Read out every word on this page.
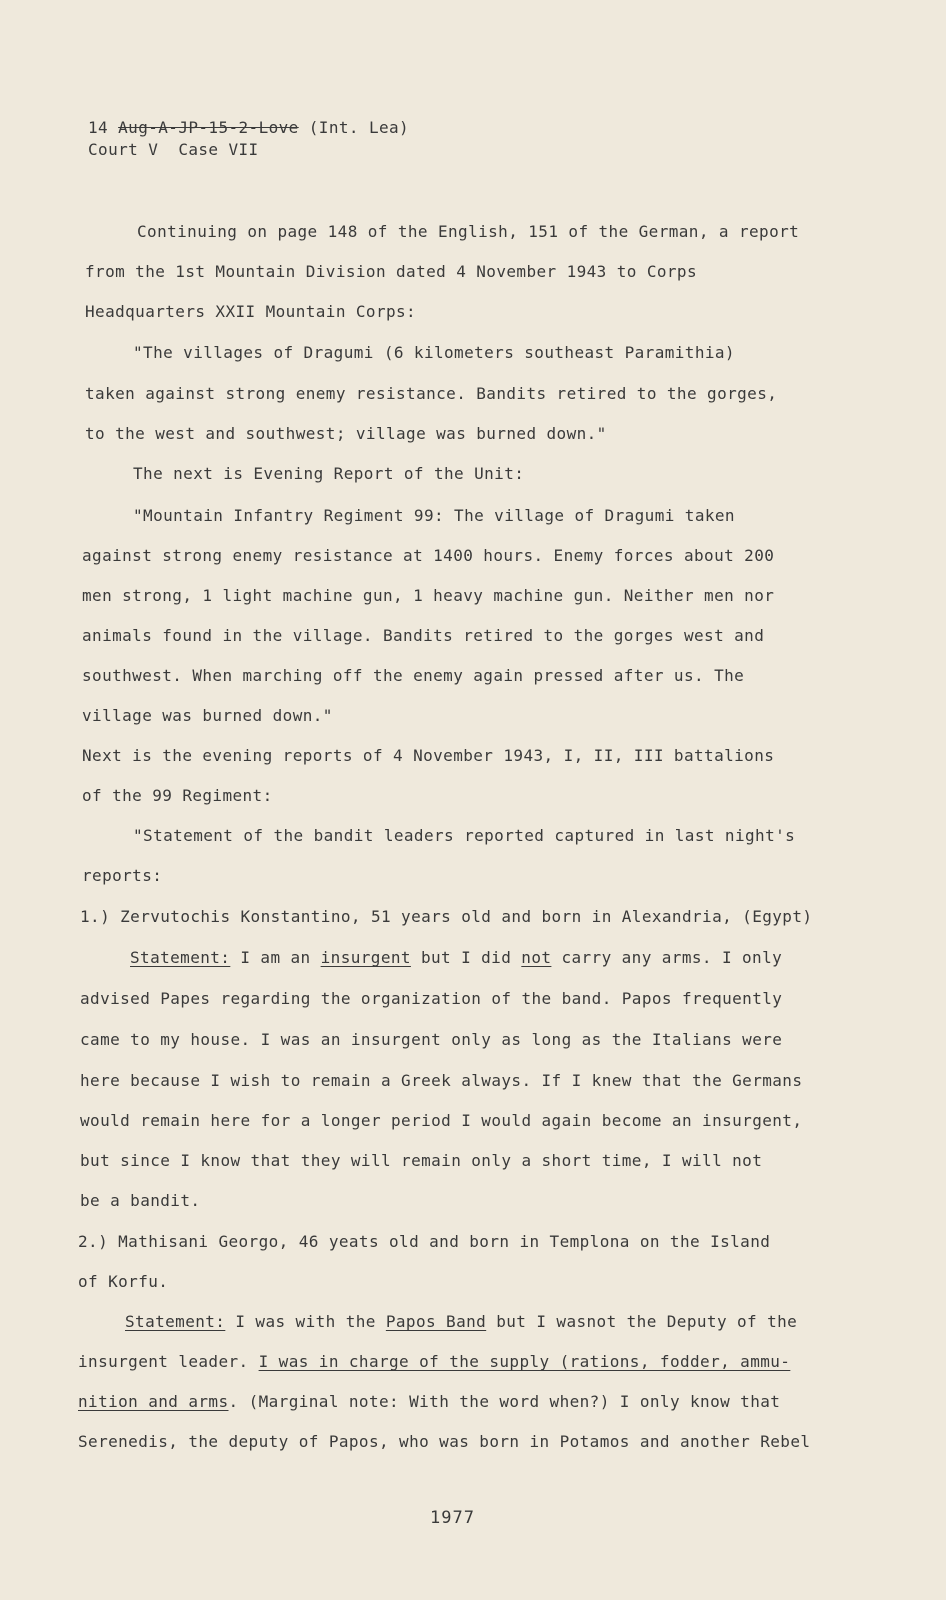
14 Aug-A-JP-15-2-Love (Int. Lea)
Court V Case VII
Continuing on page 148 of the English, 151 of the German, a report
from the 1st Mountain Division dated 4 November 1943 to Corps
Headquarters XXII Mountain Corps:
"The villages of Dragumi (6 kilometers southeast Paramithia)
taken against strong enemy resistance. Bandits retired to the gorges,
to the west and southwest; village was burned down."
The next is Evening Report of the Unit:
"Mountain Infantry Regiment 99: The village of Dragumi taken
against strong enemy resistance at 1400 hours. Enemy forces about 200
men strong, 1 light machine gun, 1 heavy machine gun. Neither men nor
animals found in the village. Bandits retired to the gorges west and
southwest. When marching off the enemy again pressed after us. The
village was burned down."
Next is the evening reports of 4 November 1943, I, II, III battalions
of the 99 Regiment:
"Statement of the bandit leaders reported captured in last night's
reports:
1.) Zervutochis Konstantino, 51 years old and born in Alexandria, (Egypt)
Statement: I am an insurgent but I did not carry any arms. I only
advised Papes regarding the organization of the band. Papos frequently
came to my house. I was an insurgent only as long as the Italians were
here because I wish to remain a Greek always. If I knew that the Germans
would remain here for a longer period I would again become an insurgent,
but since I know that they will remain only a short time, I will not
be a bandit.
2.) Mathisani Georgo, 46 yeats old and born in Templona on the Island
of Korfu.
Statement: I was with the Papos Band but I wasnot the Deputy of the
insurgent leader. I was in charge of the supply (rations, fodder, ammu-
nition and arms. (Marginal note: With the word when?) I only know that
Serenedis, the deputy of Papos, who was born in Potamos and another Rebel
1977
